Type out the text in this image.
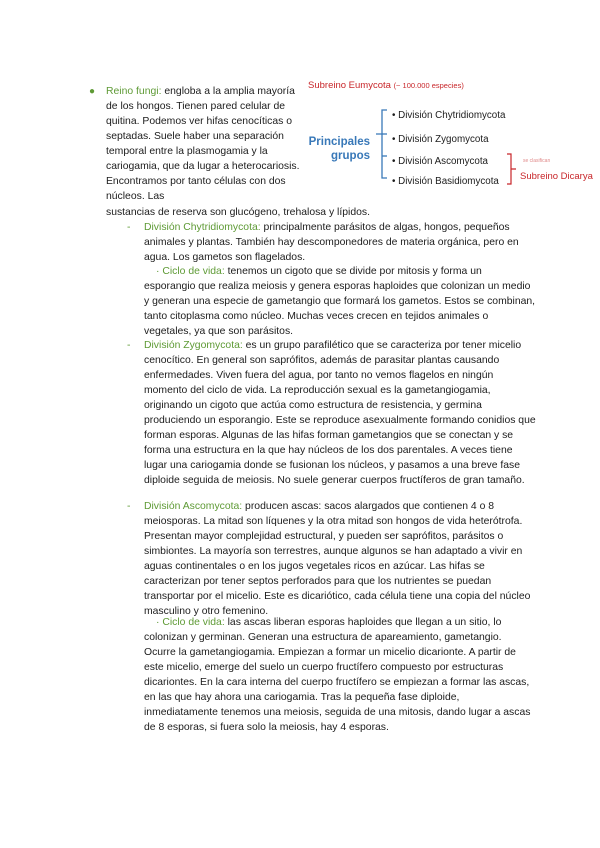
● Reino fungi: engloba a la amplia mayoría de los hongos. Tienen pared celular de quitina. Podemos ver hifas cenocíticas o septadas. Suele haber una separación temporal entre la plasmogamia y la cariogamia, que da lugar a heterocariosis. Encontramos por tanto células con dos núcleos. Las
sustancias de reserva son glucógeno, trehalosa y lípidos.
Subreino Eumycota (~ 100.000 especies)
Principales grupos
• División Chytridiomycota
• División Zygomycota
• División Ascomycota
• División Basidiomycota
se clasifican
Subreino Dicarya
- División Chytridiomycota: principalmente parásitos de algas, hongos, pequeños animales y plantas. También hay descomponedores de materia orgánica, pero en agua. Los gametos son flagelados.
· Ciclo de vida: tenemos un cigoto que se divide por mitosis y forma un esporangio que realiza meiosis y genera esporas haploides que colonizan un medio y generan una especie de gametangio que formará los gametos. Estos se combinan, tanto citoplasma como núcleo. Muchas veces crecen en tejidos animales o vegetales, ya que son parásitos.
- División Zygomycota: es un grupo parafilético que se caracteriza por tener micelio cenocítico. En general son saprófitos, además de parasitar plantas causando enfermedades. Viven fuera del agua, por tanto no vemos flagelos en ningún momento del ciclo de vida. La reproducción sexual es la gametangiogamia, originando un cigoto que actúa como estructura de resistencia, y germina produciendo un esporangio. Este se reproduce asexualmente formando conidios que forman esporas. Algunas de las hifas forman gametangios que se conectan y se forma una estructura en la que hay núcleos de los dos parentales. A veces tiene lugar una cariogamia donde se fusionan los núcleos, y pasamos a una breve fase diploide seguida de meiosis. No suele generar cuerpos fructíferos de gran tamaño.
- División Ascomycota: producen ascas: sacos alargados que contienen 4 o 8 meiosporas. La mitad son líquenes y la otra mitad son hongos de vida heterótrofa. Presentan mayor complejidad estructural, y pueden ser saprófitos, parásitos o simbiontes. La mayoría son terrestres, aunque algunos se han adaptado a vivir en aguas continentales o en los jugos vegetales ricos en azúcar. Las hifas se caracterizan por tener septos perforados para que los nutrientes se puedan transportar por el micelio. Este es dicariótico, cada célula tiene una copia del núcleo masculino y otro femenino.
· Ciclo de vida: las ascas liberan esporas haploides que llegan a un sitio, lo colonizan y germinan. Generan una estructura de apareamiento, gametangio. Ocurre la gametangiogamia. Empiezan a formar un micelio dicarionte. A partir de este micelio, emerge del suelo un cuerpo fructífero compuesto por estructuras dicariontes. En la cara interna del cuerpo fructífero se empiezan a formar las ascas, en las que hay ahora una cariogamia. Tras la pequeña fase diploide, inmediatamente tenemos una meiosis, seguida de una mitosis, dando lugar a ascas de 8 esporas, si fuera solo la meiosis, hay 4 esporas.
